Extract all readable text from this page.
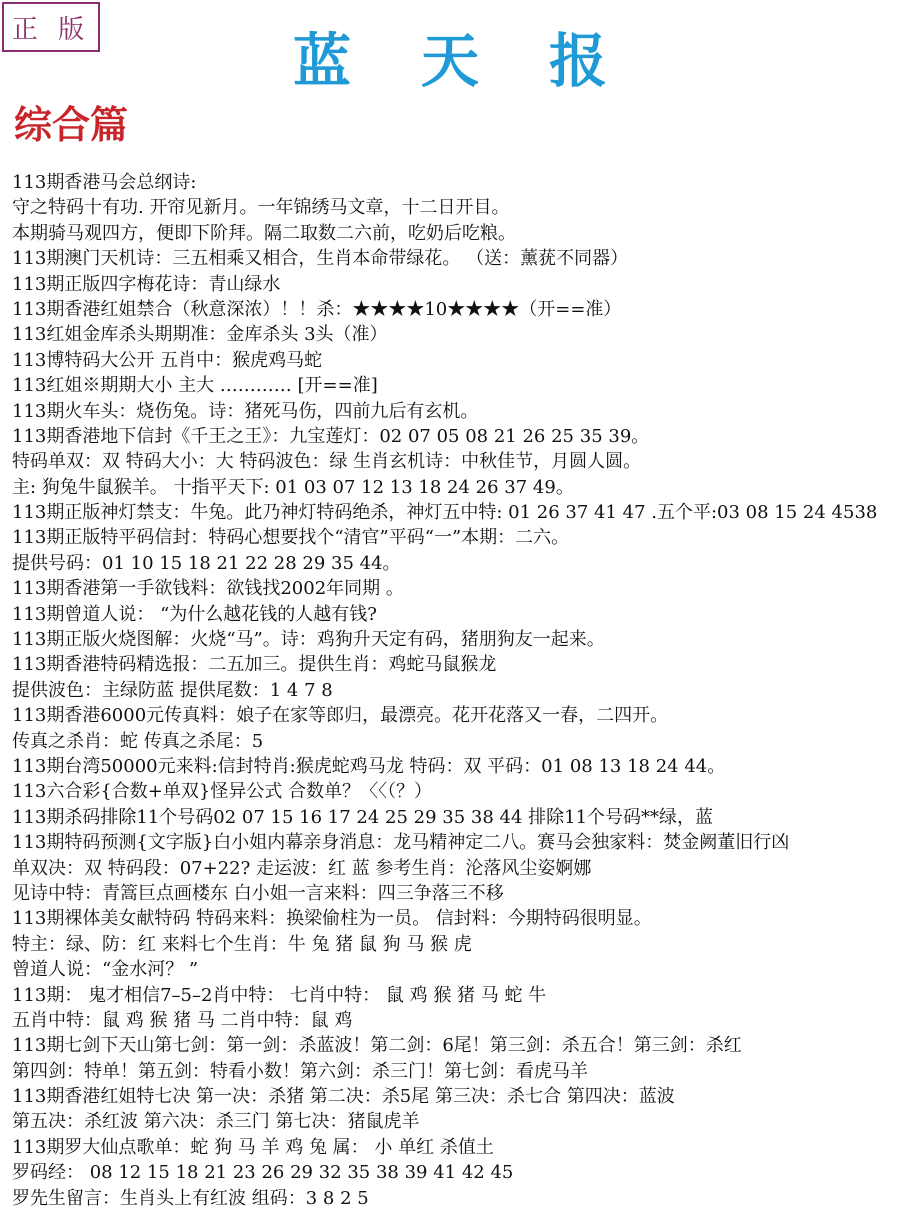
正 版	蓝天报
综合篇
113期香港马会总纲诗:
守之特码十有功. 开帘见新月。一年锦绣马文章，十二日开目。
本期骑马观四方，便即下阶拜。隔二取数二六前，吃奶后吃粮。
113期澳门天机诗：三五相乘又相合，生肖本命带绿花。 （送：薰莸不同器）
113期正版四字梅花诗：青山绿水
113期香港红姐禁合（秋意深浓）！！杀：★★★★10★★★★（开==准）
113红姐金库杀头期期准：金库杀头 3头（准）
113博特码大公开 五肖中：猴虎鸡马蛇
113红姐※期期大小 主大 ………… [开==准]
113期火车头：烧伤兔。诗：猪死马伤，四前九后有玄机。
113期香港地下信封《千王之王》：九宝莲灯：02 07 05 08 21 26 25 35 39。
特码单双：双 特码大小：大 特码波色：绿 生肖玄机诗：中秋佳节，月圆人圆。
主: 狗兔牛鼠猴羊。 十指平天下: 01 03 07 12 13 18 24 26 37 49。
113期正版神灯禁支：牛兔。此乃神灯特码绝杀，神灯五中特: 01 26 37 41 47 .五个平:03 08 15 24 4538
113期正版特平码信封：特码心想要找个“清官”平码“一”本期：二六。
提供号码：01 10 15 18 21 22 28 29 35 44。
113期香港第一手欲钱料：欲钱找2002年同期 。
113期曾道人说： “为什么越花钱的人越有钱?
113期正版火烧图解：火烧“马”。诗：鸡狗升天定有码，猪朋狗友一起来。
113期香港特码精选报：二五加三。提供生肖：鸡蛇马鼠猴龙
提供波色：主绿防蓝 提供尾数：1 4 7 8
113期香港6000元传真料：娘子在家等郎归，最漂亮。花开花落又一春，二四开。
传真之杀肖：蛇 传真之杀尾：5
113期台湾50000元来料:信封特肖:猴虎蛇鸡马龙 特码：双 平码：01 08 13 18 24 44。
113六合彩{合数+单双}怪异公式 合数单？〈〈（？）
113期杀码排除11个号码02 07 15 16 17 24 25 29 35 38 44 排除11个号码**绿，蓝
113期特码预测{文字版}白小姐内幕亲身消息：龙马精神定二八。赛马会独家料：焚金阙董旧行凶
单双决：双 特码段：07+22? 走运波：红 蓝 参考生肖：沦落风尘姿婀娜
见诗中特：青篙巨点画楼东 白小姐一言来料：四三争落三不移
113期裸体美女献特码 特码来料：换梁偷柱为一员。 信封料：今期特码很明显。
特主：绿、防：红 来料七个生肖：牛 兔 猪 鼠 狗 马 猴 虎
曾道人说：“金水河？ ”
113期： 鬼才相信7–5–2肖中特： 七肖中特： 鼠 鸡 猴 猪 马 蛇 牛
五肖中特：鼠 鸡 猴 猪 马 二肖中特：鼠 鸡
113期七剑下天山第七剑：第一剑：杀蓝波！第二剑：6尾！第三剑：杀五合！第三剑：杀红
第四剑：特单！第五剑：特看小数！第六剑：杀三门！第七剑：看虎马羊
113期香港红姐特七决 第一决：杀猪 第二决：杀5尾 第三决：杀七合 第四决：蓝波
第五决：杀红波 第六决：杀三门 第七决：猪鼠虎羊
113期罗大仙点歌单：蛇 狗 马 羊 鸡 兔 属： 小 单红 杀值土
罗码经： 08 12 15 18 21 23 26 29 32 35 38 39 41 42 45
罗先生留言：生肖头上有红波 组码：3 8 2 5
